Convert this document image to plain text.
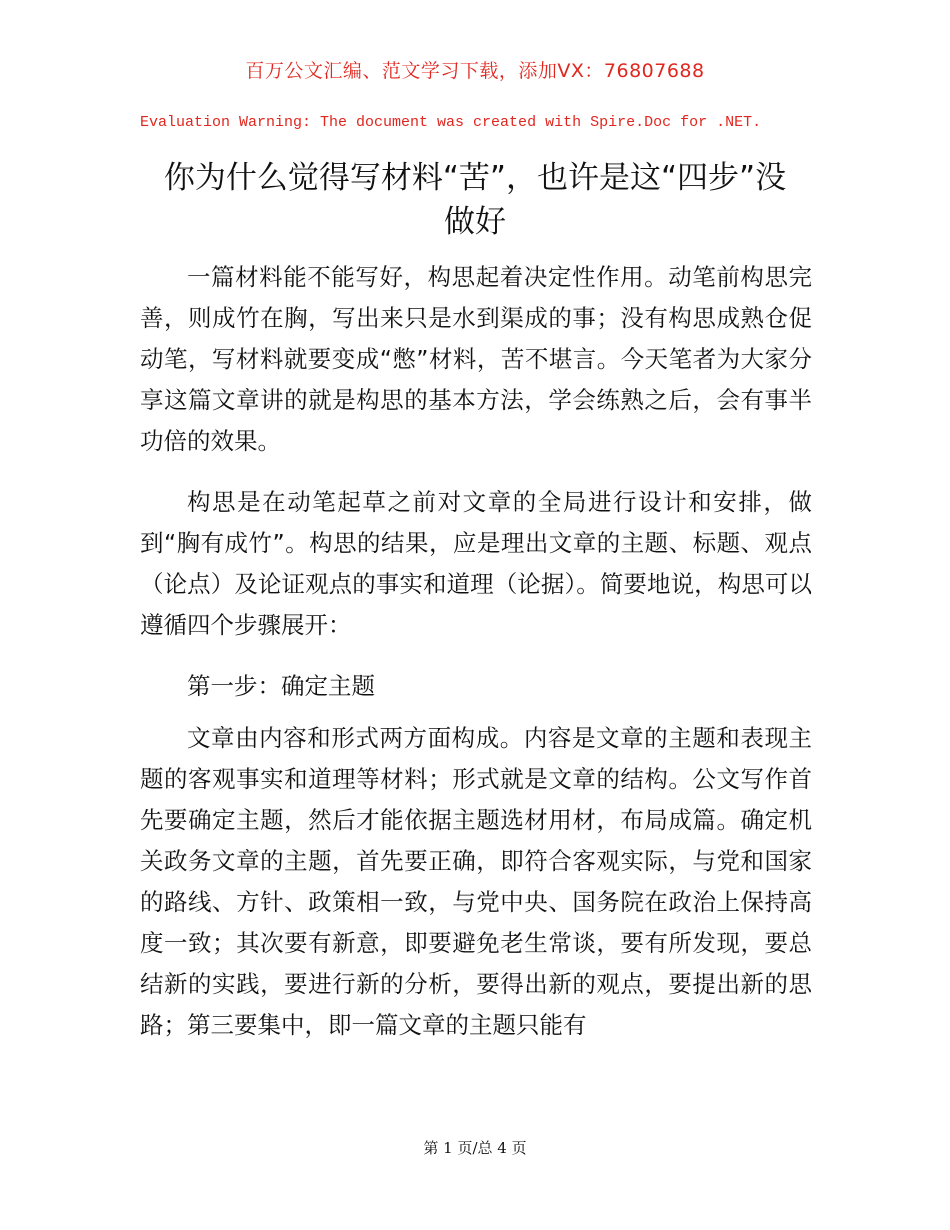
百万公文汇编、范文学习下载，添加VX：76807688
Evaluation Warning: The document was created with Spire.Doc for .NET.
你为什么觉得写材料“苦”，也许是这“四步”没做好

一篇材料能不能写好，构思起着决定性作用。动笔前构思完善，则成竹在胸，写出来只是水到渠成的事；没有构思成熟仓促动笔，写材料就要变成“憋”材料，苦不堪言。今天笔者为大家分享这篇文章讲的就是构思的基本方法，学会练熟之后，会有事半功倍的效果。

构思是在动笔起草之前对文章的全局进行设计和安排，做到“胸有成竹”。构思的结果，应是理出文章的主题、标题、观点（论点）及论证观点的事实和道理（论据）。简要地说，构思可以遵循四个步骤展开：

第一步：确定主题

文章由内容和形式两方面构成。内容是文章的主题和表现主题的客观事实和道理等材料；形式就是文章的结构。公文写作首先要确定主题，然后才能依据主题选材用材，布局成篇。确定机关政务文章的主题，首先要正确，即符合客观实际，与党和国家的路线、方针、政策相一致，与党中央、国务院在政治上保持高度一致；其次要有新意，即要避免老生常谈，要有所发现，要总结新的实践，要进行新的分析，要得出新的观点，要提出新的思路；第三要集中，即一篇文章的主题只能有

第 1 页/总 4 页
